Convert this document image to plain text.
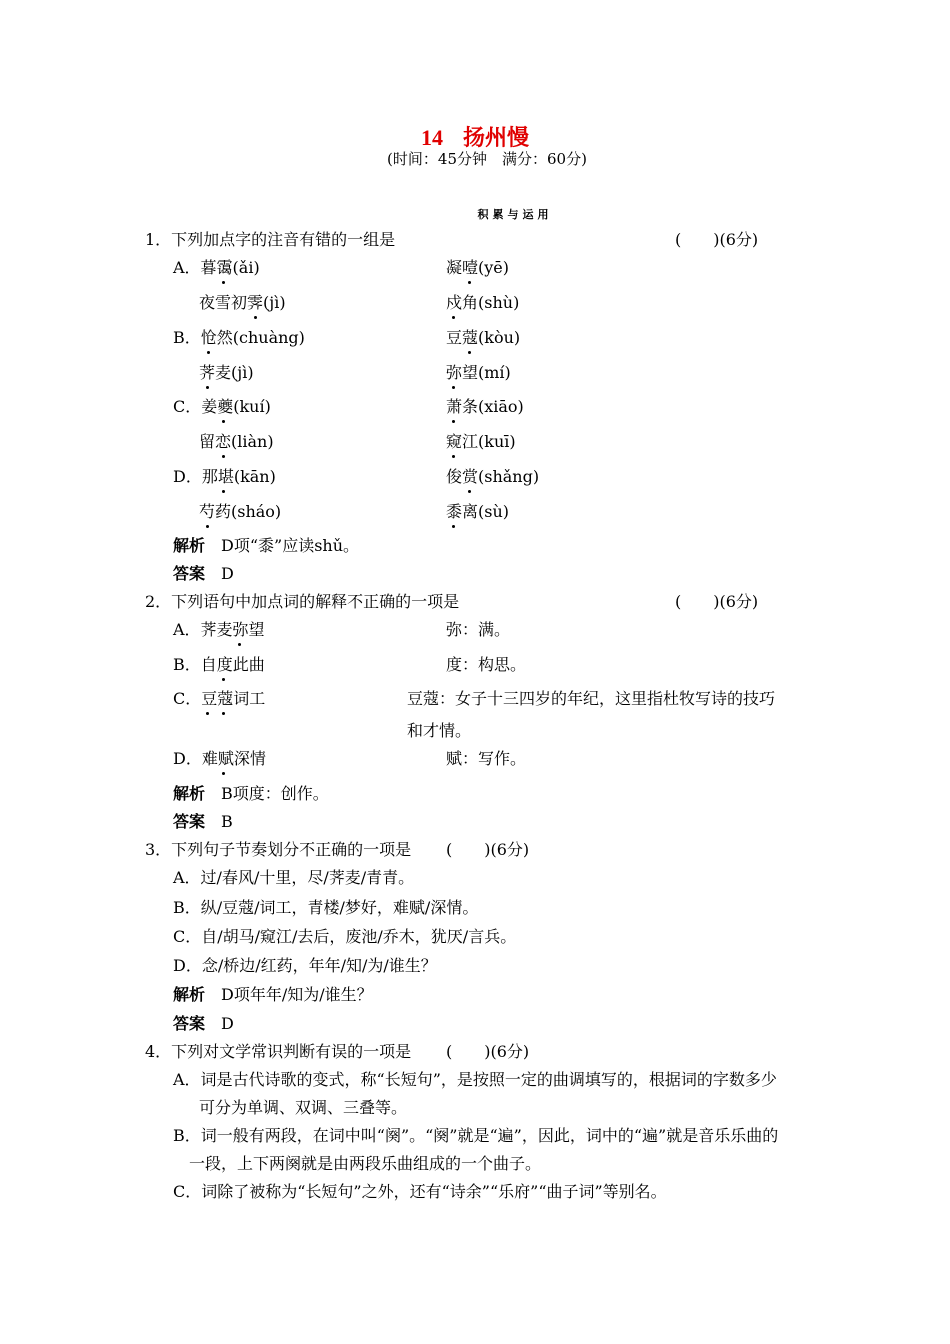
14 扬州慢
(时间：45分钟　满分：60分)
积累与运用
1．下列加点字的注音有错的一组是	(　　)(6分)
A．暮霭(ǎi)	凝噎(yē)
夜雪初霁(jì)	戍角(shù)
B．怆然(chuàng)	豆蔻(kòu)
荠麦(jì)	弥望(mí)
C．姜夔(kuí)	萧条(xiāo)
留恋(liàn)	窥江(kuī)
D．那堪(kān)	俊赏(shǎng)
芍药(sháo)	黍离(sù)
解析　 D项“黍”应读shǔ。
答案　 D
2．下列语句中加点词的解释不正确的一项是	(　　)(6分)
A．荠麦弥望	弥：满。
B．自度此曲	度：构思。
C．豆蔻词工	豆蔻：女子十三四岁的年纪，这里指杜牧写诗的技巧
和才情。
D．难赋深情	赋：写作。
解析　 B项度：创作。
答案　 B
3．下列句子节奏划分不正确的一项是 (　　)(6分)
A．过/春风/十里，尽/荠麦/青青。
B．纵/豆蔻/词工，青楼/梦好，难赋/深情。
C．自/胡马/窥江/去后，废池/乔木，犹厌/言兵。
D．念/桥边/红药，年年/知/为/谁生？
解析　 D项年年/知为/谁生？
答案　 D
4．下列对文学常识判断有误的一项是 (　　)(6分)
A．词是古代诗歌的变式，称“长短句”，是按照一定的曲调填写的，根据词的字数多少
可分为单调、双调、三叠等。
B．词一般有两段，在词中叫“阕”。“阕”就是“遍”，因此，词中的“遍”就是音乐乐曲的
一段，上下两阕就是由两段乐曲组成的一个曲子。
C．词除了被称为“长短句”之外，还有“诗余”“乐府”“曲子词”等别名。
